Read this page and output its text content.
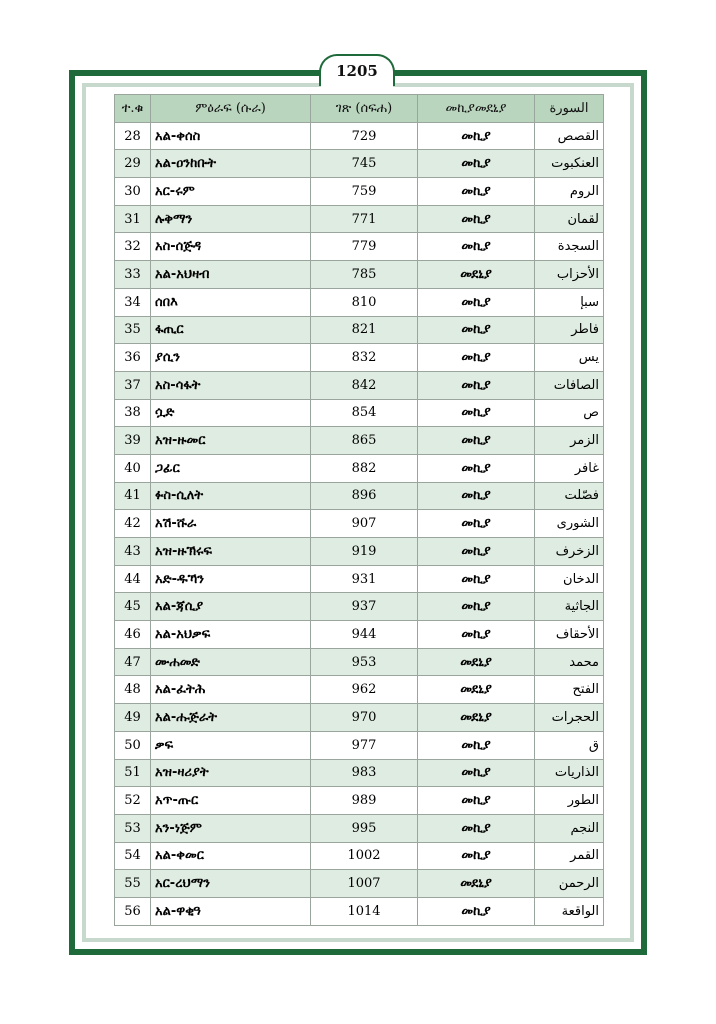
1205
ተ.ቁ	ምዕራፍ (ሱራ)	ገጽ (ሰፍሐ)	መኪያመደኒያ	السورة
28	አል-ቀሰስ	729	መኪያ	القصص
29	አል-ዐንከቡት	745	መኪያ	العنكبوت
30	አር-ሩም	759	መኪያ	الروم
31	ሉቅማን	771	መኪያ	لقمان
32	አስ-ሰጅዳ	779	መኪያ	السجدة
33	አል-አህዛብ	785	መደኒያ	الأحزاب
34	ሰበእ	810	መኪያ	سبإ
35	ፋጢር	821	መኪያ	فاطر
36	ያሲን	832	መኪያ	يس
37	አስ-ሳፋት	842	መኪያ	الصافات
38	ሷድ	854	መኪያ	ص
39	አዝ-ዙመር	865	መኪያ	الزمر
40	ጋፊር	882	መኪያ	غافر
41	ፉስ-ሲለት	896	መኪያ	فصّلت
42	አሽ-ሹራ	907	መኪያ	الشورى
43	አዝ-ዙኽሩፍ	919	መኪያ	الزخرف
44	አድ-ዱኻን	931	መኪያ	الدخان
45	አል-ጃሲያ	937	መኪያ	الجاثية
46	አል-አህቃፍ	944	መኪያ	الأحقاف
47	ሙሐመድ	953	መደኒያ	محمد
48	አል-ፈትሕ	962	መደኒያ	الفتح
49	አል-ሑጅራት	970	መደኒያ	الحجرات
50	ቃፍ	977	መኪያ	ق
51	አዝ-ዛሪያት	983	መኪያ	الذاريات
52	አጥ-ጡር	989	መኪያ	الطور
53	አን-ነጅም	995	መኪያ	النجم
54	አል-ቀመር	1002	መኪያ	القمر
55	አር-ረህማን	1007	መደኒያ	الرحمن
56	አል-ዋቂዓ	1014	መኪያ	الواقعة
